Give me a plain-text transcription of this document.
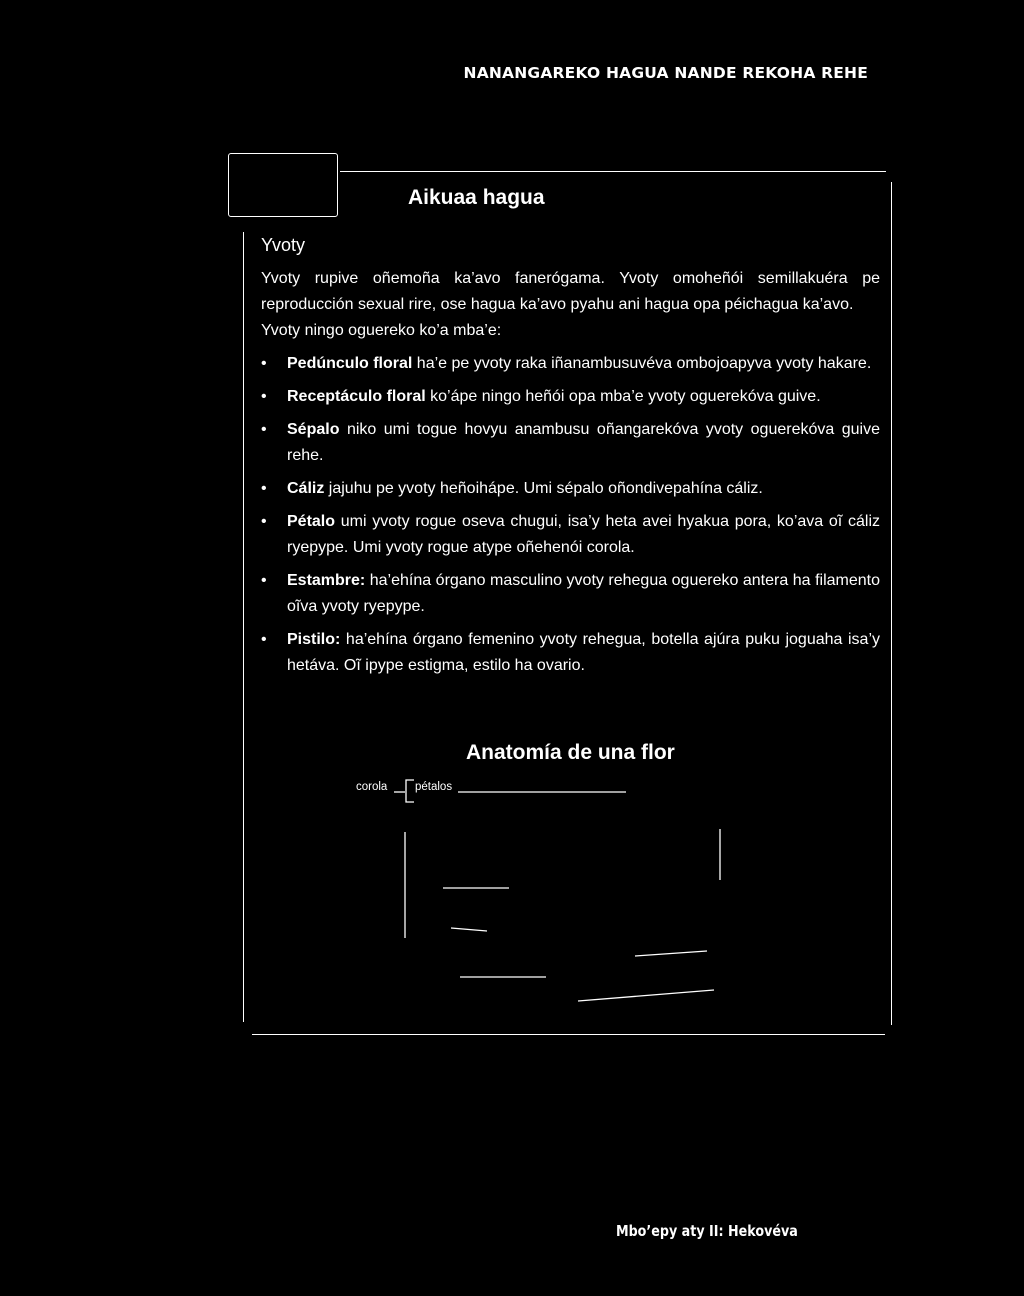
NANANGAREKO HAGUA NANDE REKOHA REHE
Aikuaa hagua
Yvoty

Yvoty rupive oñemoña ka’avo fanerógama. Yvoty omoheñói semillakuéra pe reproducción sexual rire, ose hagua ka’avo pyahu ani hagua opa péichagua ka’avo.

Yvoty ningo oguereko ko’a mba’e:

• Pedúnculo floral ha’e pe yvoty raka iñanambusuvéva ombojoapyva yvoty hakare.
• Receptáculo floral ko’ápe ningo heñói opa mba’e yvoty oguerekóva guive.
• Sépalo niko umi togue hovyu anambusu oñangarekóva yvoty oguerekóva guive rehe.
• Cáliz jajuhu pe yvoty heñoiháре. Umi sépalo oñondivepahína cáliz.
• Pétalo umi yvoty rogue oseva chugui, isa’y heta avei hyakua pora, ko’ava oĩ cáliz ryepype. Umi yvoty rogue atype oñehenói corola.
• Estambre: ha’ehína órgano masculino yvoty rehegua oguereko antera ha filamento oĩva yvoty ryepype.
• Pistilo: ha’ehína órgano femenino yvoty rehegua, botella ajúra puku joguaha isa’y hetáva. Oĩ ipype estigma, estilo ha ovario.
Anatomía de una flor
corola pétalos
Mbo’epy aty II: Hekovéva
